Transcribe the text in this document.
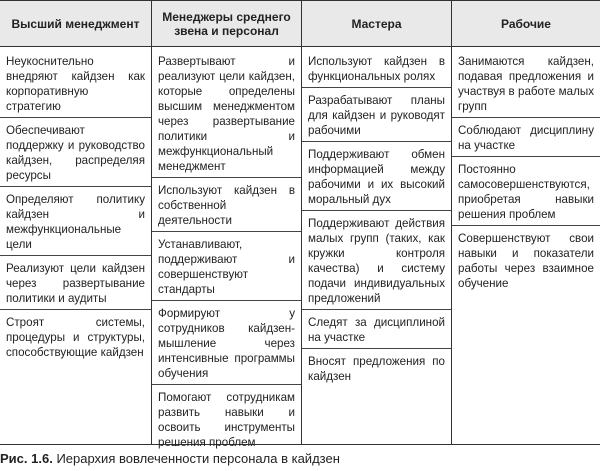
Высший менеджмент
Неукоснительно внедряют кайдзен как корпоративную стратегию
Обеспечивают поддержку и руководство кайдзен, распределяя ресурсы
Определяют политику кайдзен и межфункциональные цели
Реализуют цели кайдзен через развертывание политики и аудиты
Строят системы, процедуры и структуры, способствующие кайдзен
Менеджеры среднего звена и персонал
Развертывают и реализуют цели кайдзен, которые определены высшим менеджментом через развертывание политики и межфункциональный менеджмент
Используют кайдзен в собственной деятельности
Устанавливают, поддерживают и совершенствуют стандарты
Формируют у сотрудников кайдзен-мышление через интенсивные программы обучения
Помогают сотрудникам развить навыки и освоить инструменты решения проблем
Мастера
Используют кайдзен в функциональных ролях
Разрабатывают планы для кайдзен и руководят рабочими
Поддерживают обмен информацией между рабочими и их высокий моральный дух
Поддерживают действия малых групп (таких, как кружки контроля качества) и систему подачи индивидуальных предложений
Следят за дисциплиной на участке
Вносят предложения по кайдзен
Рабочие
Занимаются кайдзен, подавая предложения и участвуя в работе малых групп
Соблюдают дисциплину на участке
Постоянно самосовершенствуются, приобретая навыки решения проблем
Совершенствуют свои навыки и показатели работы через взаимное обучение
Рис. 1.6. Иерархия вовлеченности персонала в кайдзен
